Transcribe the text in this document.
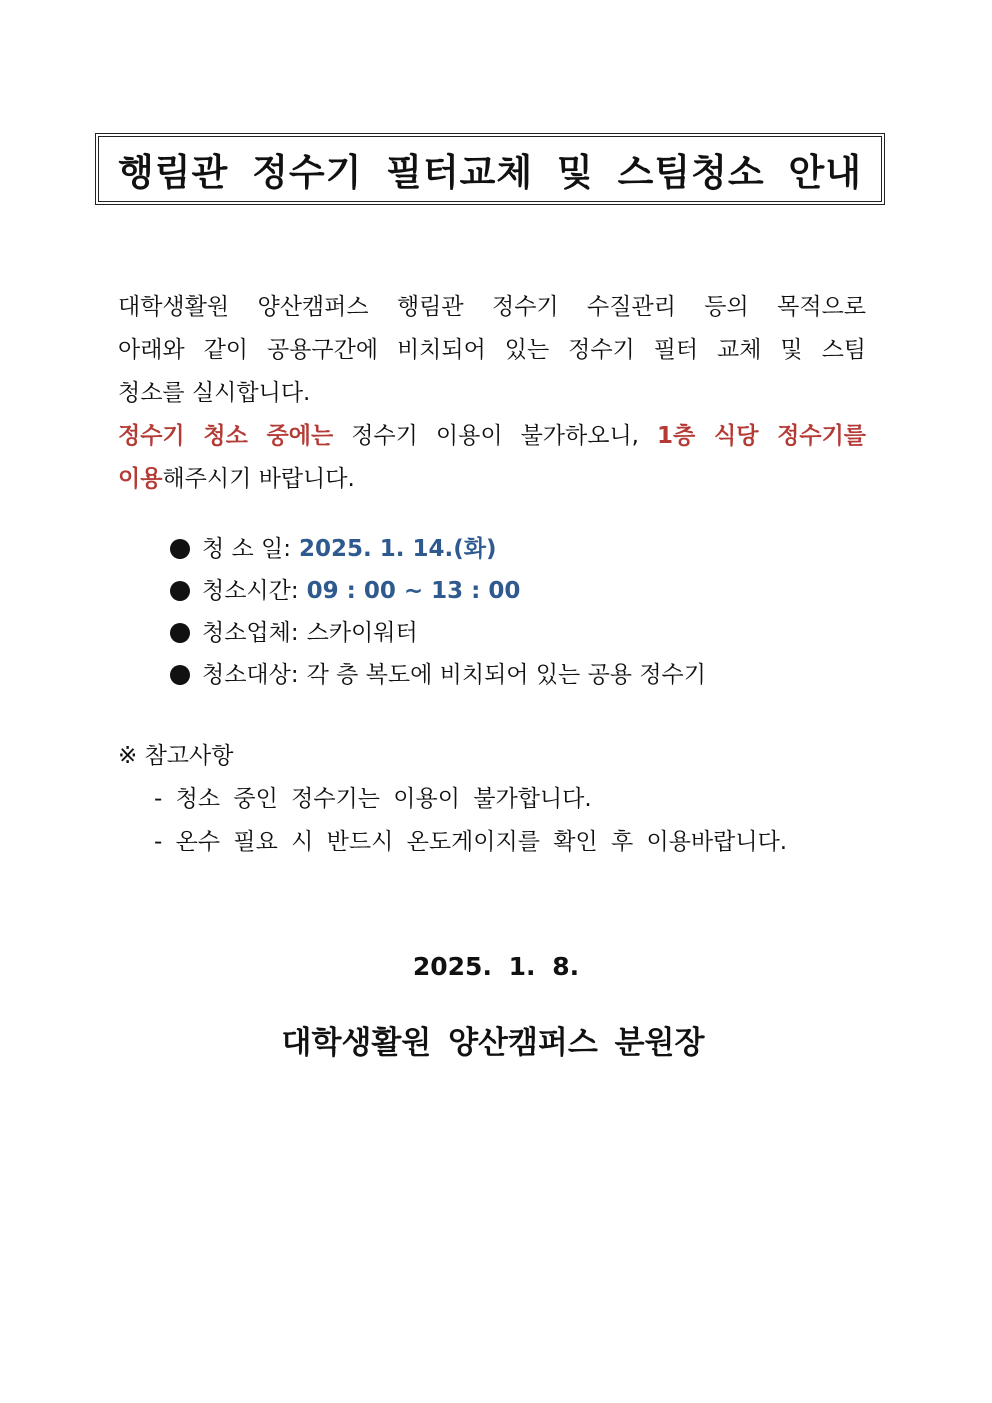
행림관 정수기 필터교체 및 스팀청소 안내
대학생활원 양산캠퍼스 행림관 정수기 수질관리 등의 목적으로
아래와 같이 공용구간에 비치되어 있는 정수기 필터 교체 및 스팀
청소를 실시합니다.
정수기 청소 중에는 정수기 이용이 불가하오니, 1층 식당 정수기를
이용해주시기 바랍니다.
청 소 일: 2025. 1. 14.(화)
청소시간: 09 : 00 ~ 13 : 00
청소업체: 스카이워터
청소대상: 각 층 복도에 비치되어 있는 공용 정수기
※ 참고사항
- 청소 중인 정수기는 이용이 불가합니다.
- 온수 필요 시 반드시 온도게이지를 확인 후 이용바랍니다.
2025. 1. 8.
대학생활원 양산캠퍼스 분원장
